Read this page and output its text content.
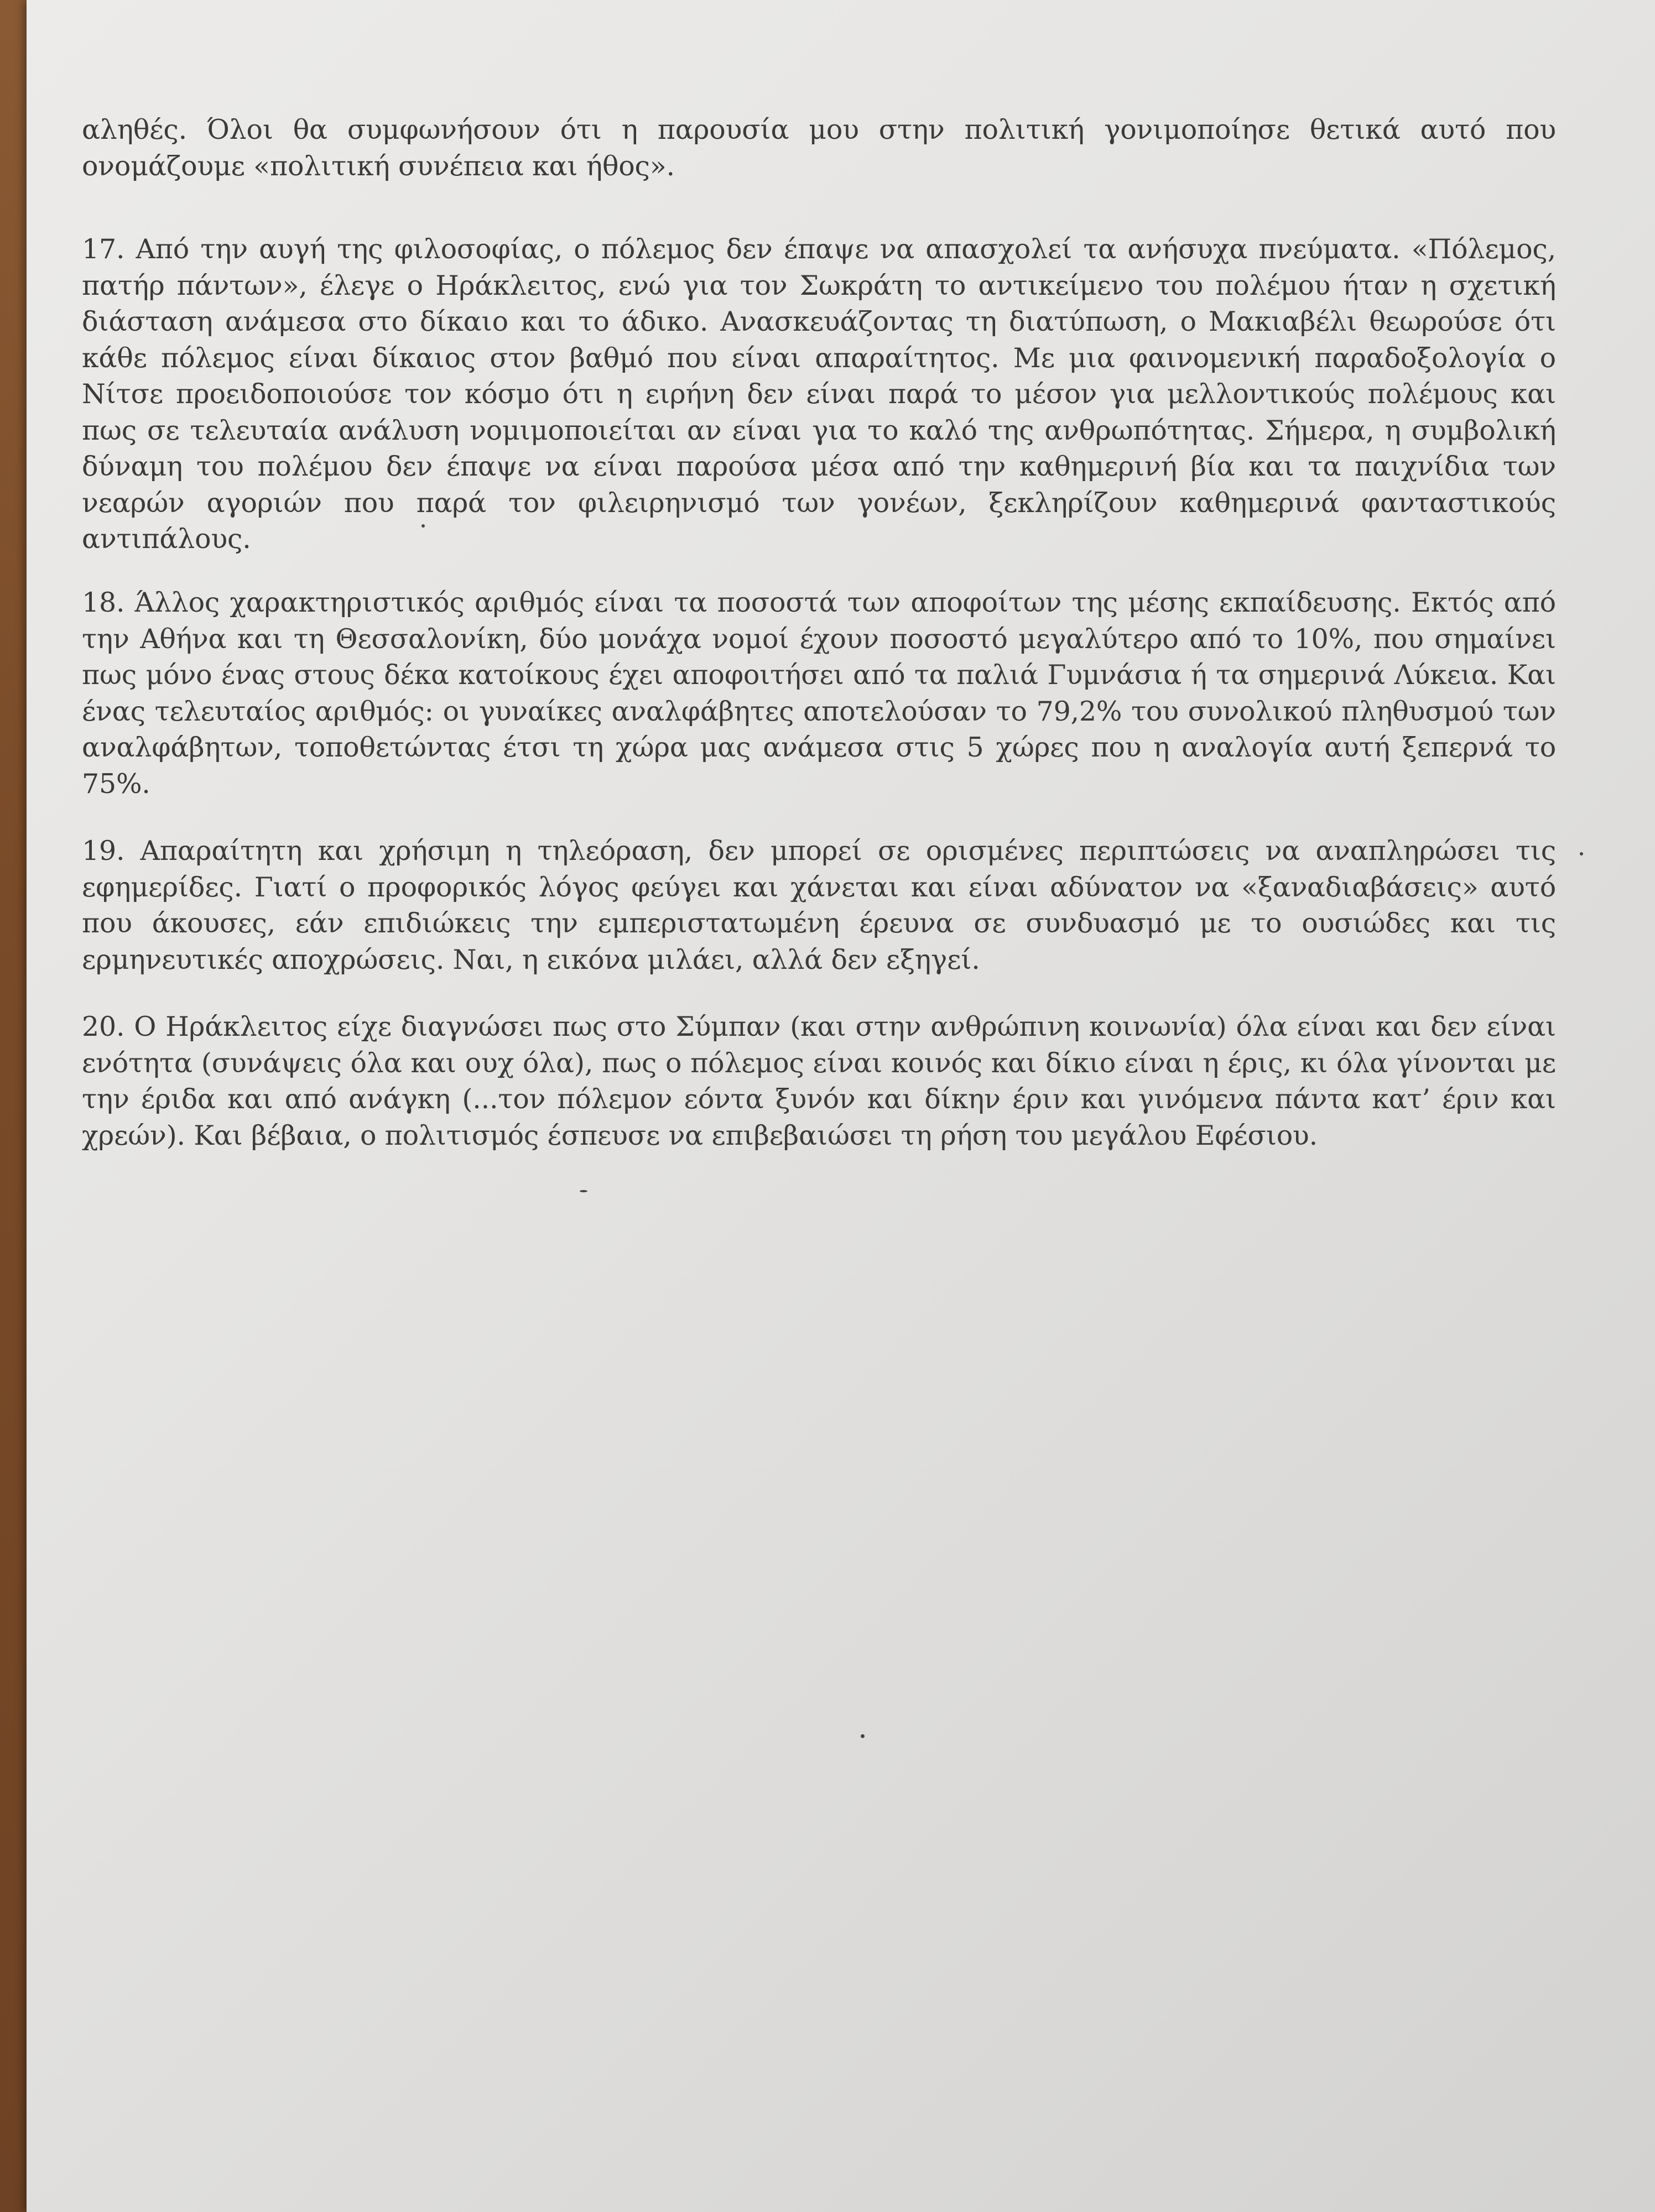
αληθές. Όλοι θα συμφωνήσουν ότι η παρουσία μου στην πολιτική γονιμοποίησε θετικά αυτό που ονομάζουμε «πολιτική συνέπεια και ήθος».

17. Από την αυγή της φιλοσοφίας, ο πόλεμος δεν έπαψε να απασχολεί τα ανήσυχα πνεύματα. «Πόλεμος, πατήρ πάντων», έλεγε ο Ηράκλειτος, ενώ για τον Σωκράτη το αντικείμενο του πολέμου ήταν η σχετική διάσταση ανάμεσα στο δίκαιο και το άδικο. Ανασκευάζοντας τη διατύπωση, ο Μακιαβέλι θεωρούσε ότι κάθε πόλεμος είναι δίκαιος στον βαθμό που είναι απαραίτητος. Με μια φαινομενική παραδοξολογία ο Νίτσε προειδοποιούσε τον κόσμο ότι η ειρήνη δεν είναι παρά το μέσον για μελλοντικούς πολέμους και πως σε τελευταία ανάλυση νομιμοποιείται αν είναι για το καλό της ανθρωπότητας. Σήμερα, η συμβολική δύναμη του πολέμου δεν έπαψε να είναι παρούσα μέσα από την καθημερινή βία και τα παιχνίδια των νεαρών αγοριών που παρά τον φιλειρηνισμό των γονέων, ξεκληρίζουν καθημερινά φανταστικούς αντιπάλους.

18. Άλλος χαρακτηριστικός αριθμός είναι τα ποσοστά των αποφοίτων της μέσης εκπαίδευσης. Εκτός από την Αθήνα και τη Θεσσαλονίκη, δύο μονάχα νομοί έχουν ποσοστό μεγαλύτερο από το 10%, που σημαίνει πως μόνο ένας στους δέκα κατοίκους έχει αποφοιτήσει από τα παλιά Γυμνάσια ή τα σημερινά Λύκεια. Και ένας τελευταίος αριθμός: οι γυναίκες αναλφάβητες αποτελούσαν το 79,2% του συνολικού πληθυσμού των αναλφάβητων, τοποθετώντας έτσι τη χώρα μας ανάμεσα στις 5 χώρες που η αναλογία αυτή ξεπερνά το 75%.

19. Απαραίτητη και χρήσιμη η τηλεόραση, δεν μπορεί σε ορισμένες περιπτώσεις να αναπληρώσει τις εφημερίδες. Γιατί ο προφορικός λόγος φεύγει και χάνεται και είναι αδύνατον να «ξαναδιαβάσεις» αυτό που άκουσες, εάν επιδιώκεις την εμπεριστατωμένη έρευνα σε συνδυασμό με το ουσιώδες και τις ερμηνευτικές αποχρώσεις. Ναι, η εικόνα μιλάει, αλλά δεν εξηγεί.

20. Ο Ηράκλειτος είχε διαγνώσει πως στο Σύμπαν (και στην ανθρώπινη κοινωνία) όλα είναι και δεν είναι ενότητα (συνάψεις όλα και ουχ όλα), πως ο πόλεμος είναι κοινός και δίκιο είναι η έρις, κι όλα γίνονται με την έριδα και από ανάγκη (...τον πόλεμον εόντα ξυνόν και δίκην έριν και γινόμενα πάντα κατ’ έριν και χρεών). Και βέβαια, ο πολιτισμός έσπευσε να επιβεβαιώσει τη ρήση του μεγάλου Εφέσιου.
